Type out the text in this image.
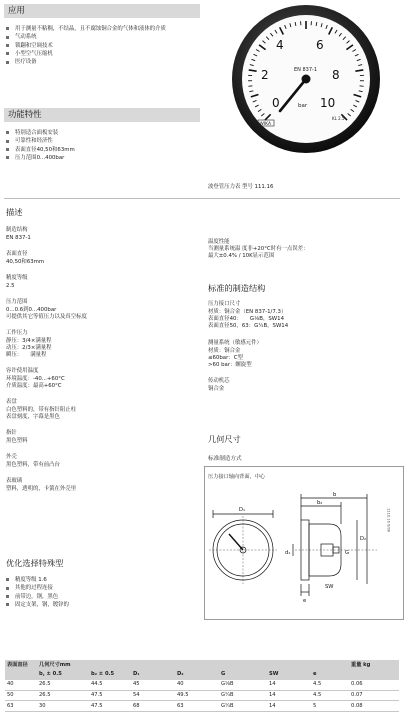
应用
用于测量不粘稠，不结晶，且不腐蚀铜合金的气体和液体的介质
气动系统
锁翻和空调技术
小型空气压缩机
医疗设备
功能特性
特别适合面板安装
可靠性和经济性
表面直径40,50和63mm
压力范围0...400bar
0
2
4	6
8
10
EN 837-1
bar
KL 2.5
WIKA
波登管压力表 型号 111.16
描述
制造结构
EN 837-1
表面直径
40,50和63mm
精度等级
2.5
压力范围
0...0.6到0...400bar
可提供其它等值压力以及真空标度
工作压力
静压：3/4×满量程
动压：2/3×满量程
瞬压：　　满量程
容许使用温度
环境温度：-40...+60°C
介质温度：最高+60°C
表盘
白色塑料的，带有指针阻止柱
表盘刻度，字幕是黑色
指针
黑色塑料
外壳
黑色塑料，带有前凸台
表玻璃
塑料，透明的，卡簧在外壳里
优化选择特殊型
精度等级 1.6
其他的过程连接
前带边，钢，黑色
固定支架，钢，镀锌的
温度性能
当测量系统温 度非+20°C时有一点误差：
最大±0.4% / 10K显示范围
标准的制造结构
压力接口尺寸
材质：铜合金（EN 837-1/7.3）
表面直径40：　　G⅛B，SW14
表面直径50，63：G¼B，SW14
测量系统（敏感元件）
材质：铜合金
≤60bar：C型
>60 bar：螺旋型
传动机芯
铜合金
几何尺寸
标准制造方式
压力接口轴向背面，中心
1116.16 6/08
D₁
G
SW
e
b
b₂
D₂
d₁
表面直径	几何尺寸mm							重量 kg
	b, ± 0.5	b₂ ± 0.5	D₁	D₂	G	SW	e	
40	26.5	44.5	45	40	G⅛B	14	4.5	0.06
50	26.5	47.5	54	49.5	G¼B	14	4.5	0.07
63	30	47.5	68	63	G¼B	14	5	0.08
